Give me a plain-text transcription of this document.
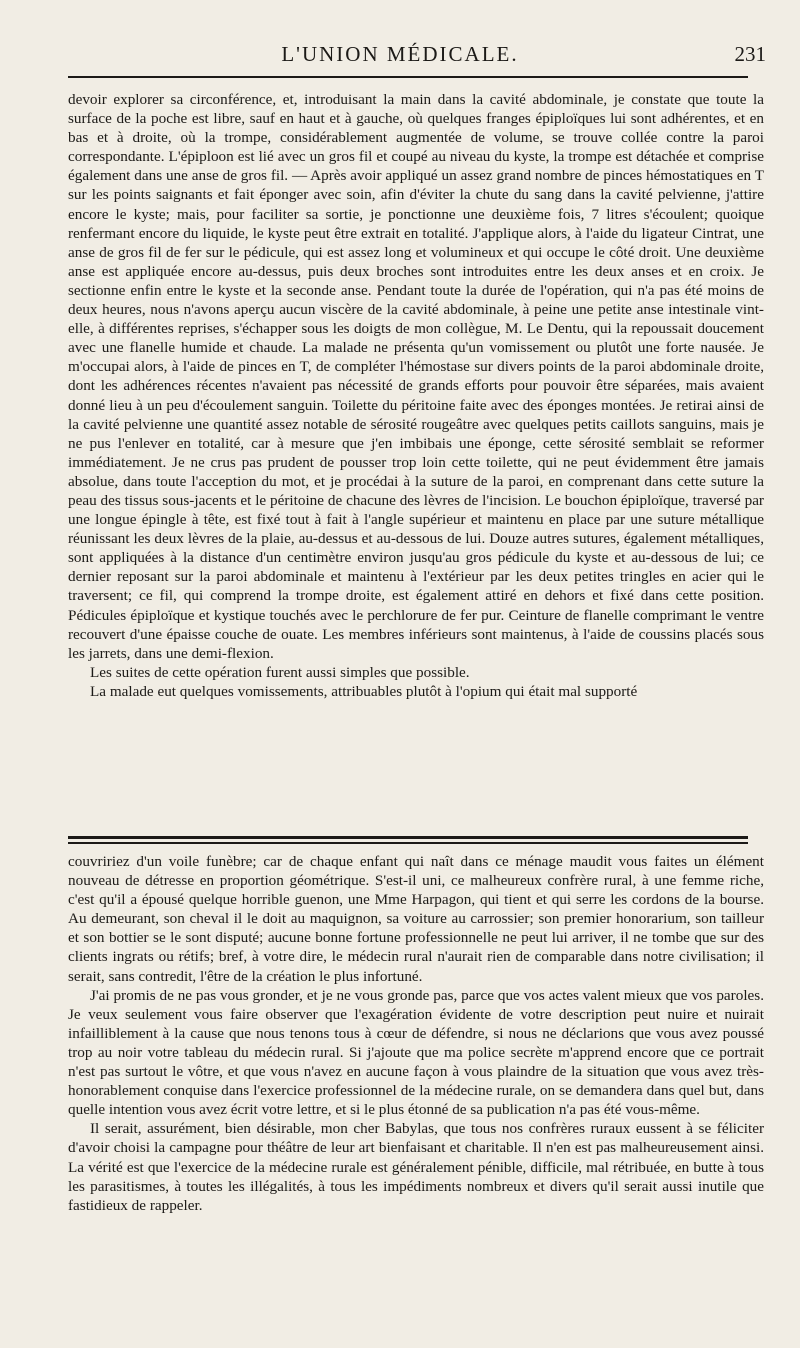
L'UNION MÉDICALE.	231

devoir explorer sa circonférence, et, introduisant la main dans la cavité abdominale, je constate que toute la surface de la poche est libre, sauf en haut et à gauche, où quelques franges épiploïques lui sont adhérentes, et en bas et à droite, où la trompe, considérablement augmentée de volume, se trouve collée contre la paroi correspondante. L'épiploon est lié avec un gros fil et coupé au niveau du kyste, la trompe est détachée et comprise également dans une anse de gros fil. — Après avoir appliqué un assez grand nombre de pinces hémostatiques en T sur les points saignants et fait éponger avec soin, afin d'éviter la chute du sang dans la cavité pelvienne, j'attire encore le kyste; mais, pour faciliter sa sortie, je ponctionne une deuxième fois, 7 litres s'écoulent; quoique renfermant encore du liquide, le kyste peut être extrait en totalité. J'applique alors, à l'aide du ligateur Cintrat, une anse de gros fil de fer sur le pédicule, qui est assez long et volumineux et qui occupe le côté droit. Une deuxième anse est appliquée encore au-dessus, puis deux broches sont introduites entre les deux anses et en croix. Je sectionne enfin entre le kyste et la seconde anse. Pendant toute la durée de l'opération, qui n'a pas été moins de deux heures, nous n'avons aperçu aucun viscère de la cavité abdominale, à peine une petite anse intestinale vint-elle, à différentes reprises, s'échapper sous les doigts de mon collègue, M. Le Dentu, qui la repoussait doucement avec une flanelle humide et chaude. La malade ne présenta qu'un vomissement ou plutôt une forte nausée. Je m'occupai alors, à l'aide de pinces en T, de compléter l'hémostase sur divers points de la paroi abdominale droite, dont les adhérences récentes n'avaient pas nécessité de grands efforts pour pouvoir être séparées, mais avaient donné lieu à un peu d'écoulement sanguin. Toilette du péritoine faite avec des éponges montées. Je retirai ainsi de la cavité pelvienne une quantité assez notable de sérosité rougeâtre avec quelques petits caillots sanguins, mais je ne pus l'enlever en totalité, car à mesure que j'en imbibais une éponge, cette sérosité semblait se reformer immédiatement. Je ne crus pas prudent de pousser trop loin cette toilette, qui ne peut évidemment être jamais absolue, dans toute l'acception du mot, et je procédai à la suture de la paroi, en comprenant dans cette suture la peau des tissus sous-jacents et le péritoine de chacune des lèvres de l'incision. Le bouchon épiploïque, traversé par une longue épingle à tête, est fixé tout à fait à l'angle supérieur et maintenu en place par une suture métallique réunissant les deux lèvres de la plaie, au-dessus et au-dessous de lui. Douze autres sutures, également métalliques, sont appliquées à la distance d'un centimètre environ jusqu'au gros pédicule du kyste et au-dessous de lui; ce dernier reposant sur la paroi abdominale et maintenu à l'extérieur par les deux petites tringles en acier qui le traversent; ce fil, qui comprend la trompe droite, est également attiré en dehors et fixé dans cette position. Pédicules épiploïque et kystique touchés avec le perchlorure de fer pur. Ceinture de flanelle comprimant le ventre recouvert d'une épaisse couche de ouate. Les membres inférieurs sont maintenus, à l'aide de coussins placés sous les jarrets, dans une demi-flexion.

Les suites de cette opération furent aussi simples que possible.

La malade eut quelques vomissements, attribuables plutôt à l'opium qui était mal supporté

couvririez d'un voile funèbre; car de chaque enfant qui naît dans ce ménage maudit vous faites un élément nouveau de détresse en proportion géométrique. S'est-il uni, ce malheureux confrère rural, à une femme riche, c'est qu'il a épousé quelque horrible guenon, une Mme Harpagon, qui tient et qui serre les cordons de la bourse. Au demeurant, son cheval il le doit au maquignon, sa voiture au carrossier; son premier honorarium, son tailleur et son bottier se le sont disputé; aucune bonne fortune professionnelle ne peut lui arriver, il ne tombe que sur des clients ingrats ou rétifs; bref, à votre dire, le médecin rural n'aurait rien de comparable dans notre civilisation; il serait, sans contredit, l'être de la création le plus infortuné.

J'ai promis de ne pas vous gronder, et je ne vous gronde pas, parce que vos actes valent mieux que vos paroles. Je veux seulement vous faire observer que l'exagération évidente de votre description peut nuire et nuirait infailliblement à la cause que nous tenons tous à cœur de défendre, si nous ne déclarions que vous avez poussé trop au noir votre tableau du médecin rural. Si j'ajoute que ma police secrète m'apprend encore que ce portrait n'est pas surtout le vôtre, et que vous n'avez en aucune façon à vous plaindre de la situation que vous avez très-honorablement conquise dans l'exercice professionnel de la médecine rurale, on se demandera dans quel but, dans quelle intention vous avez écrit votre lettre, et si le plus étonné de sa publication n'a pas été vous-même.

Il serait, assurément, bien désirable, mon cher Babylas, que tous nos confrères ruraux eussent à se féliciter d'avoir choisi la campagne pour théâtre de leur art bienfaisant et charitable. Il n'en est pas malheureusement ainsi. La vérité est que l'exercice de la médecine rurale est généralement pénible, difficile, mal rétribuée, en butte à tous les parasitismes, à toutes les illégalités, à tous les impédiments nombreux et divers qu'il serait aussi inutile que fastidieux de rappeler.
